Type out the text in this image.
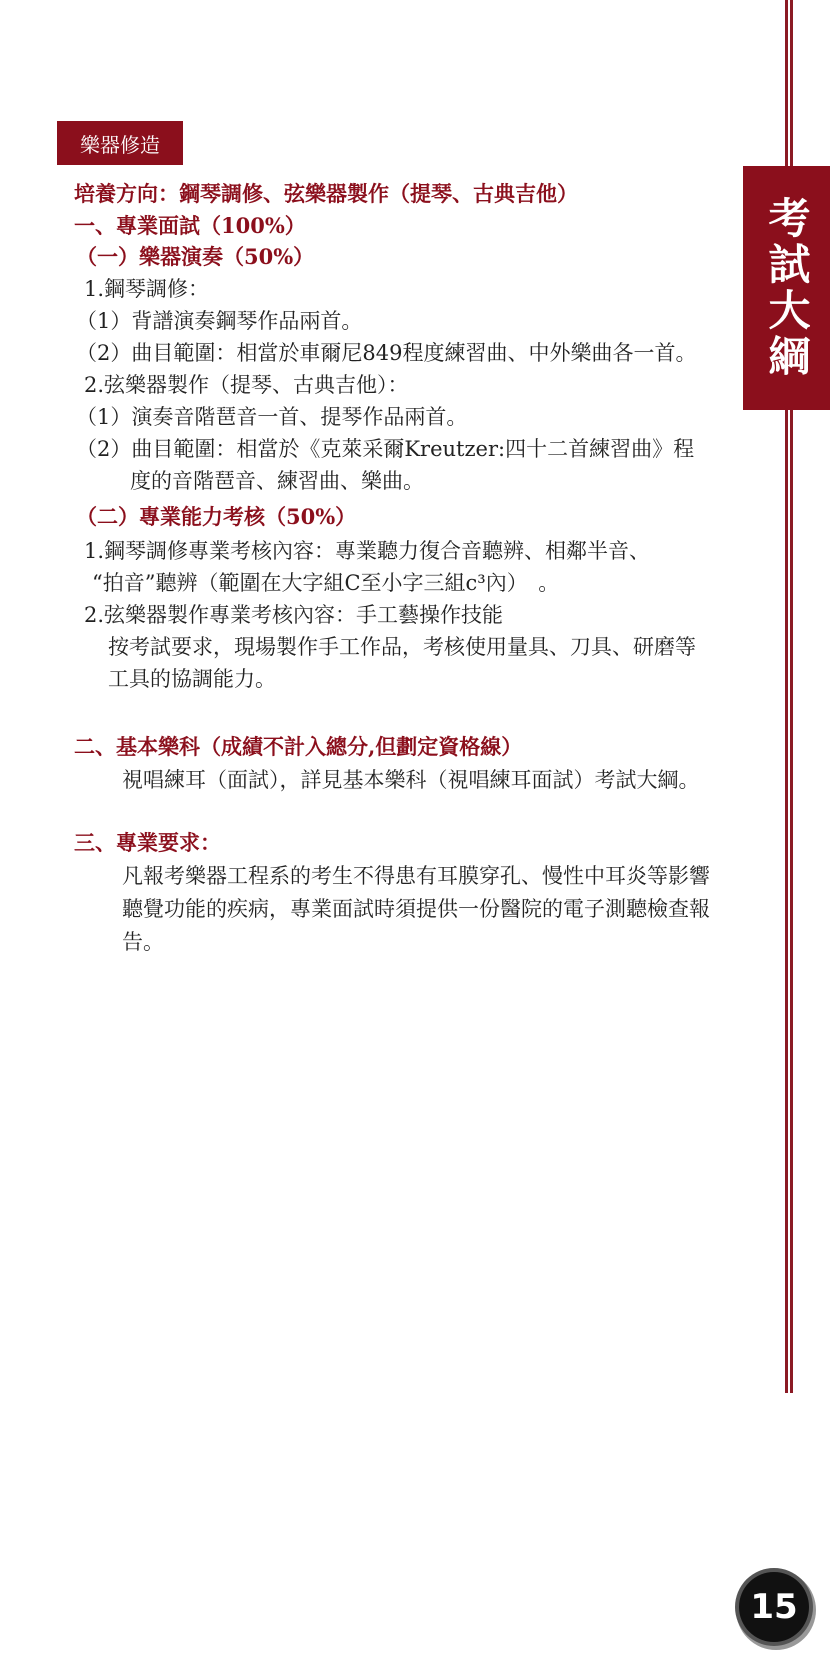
考試大綱
樂器修造
培養方向：鋼琴調修、弦樂器製作（提琴、古典吉他）
一、專業面試（100%）
（一）樂器演奏（50%）
1.鋼琴調修：
（1）背譜演奏鋼琴作品兩首。
（2）曲目範圍：相當於車爾尼849程度練習曲、中外樂曲各一首。
2.弦樂器製作（提琴、古典吉他）：
（1）演奏音階琶音一首、提琴作品兩首。
（2）曲目範圍：相當於《克萊采爾Kreutzer:四十二首練習曲》程
度的音階琶音、練習曲、樂曲。
（二）專業能力考核（50%）
1.鋼琴調修專業考核內容：專業聽力復合音聽辨、相鄰半音、
“拍音”聽辨（範圍在大字組C至小字三組c³內）　。
2.弦樂器製作專業考核內容：手工藝操作技能
按考試要求，現場製作手工作品，考核使用量具、刀具、研磨等
工具的協調能力。
二、基本樂科（成績不計入總分,但劃定資格線）
視唱練耳（面試），詳見基本樂科（視唱練耳面試）考試大綱。
三、專業要求：
凡報考樂器工程系的考生不得患有耳膜穿孔、慢性中耳炎等影響
聽覺功能的疾病，專業面試時須提供一份醫院的電子測聽檢查報
告。
15
